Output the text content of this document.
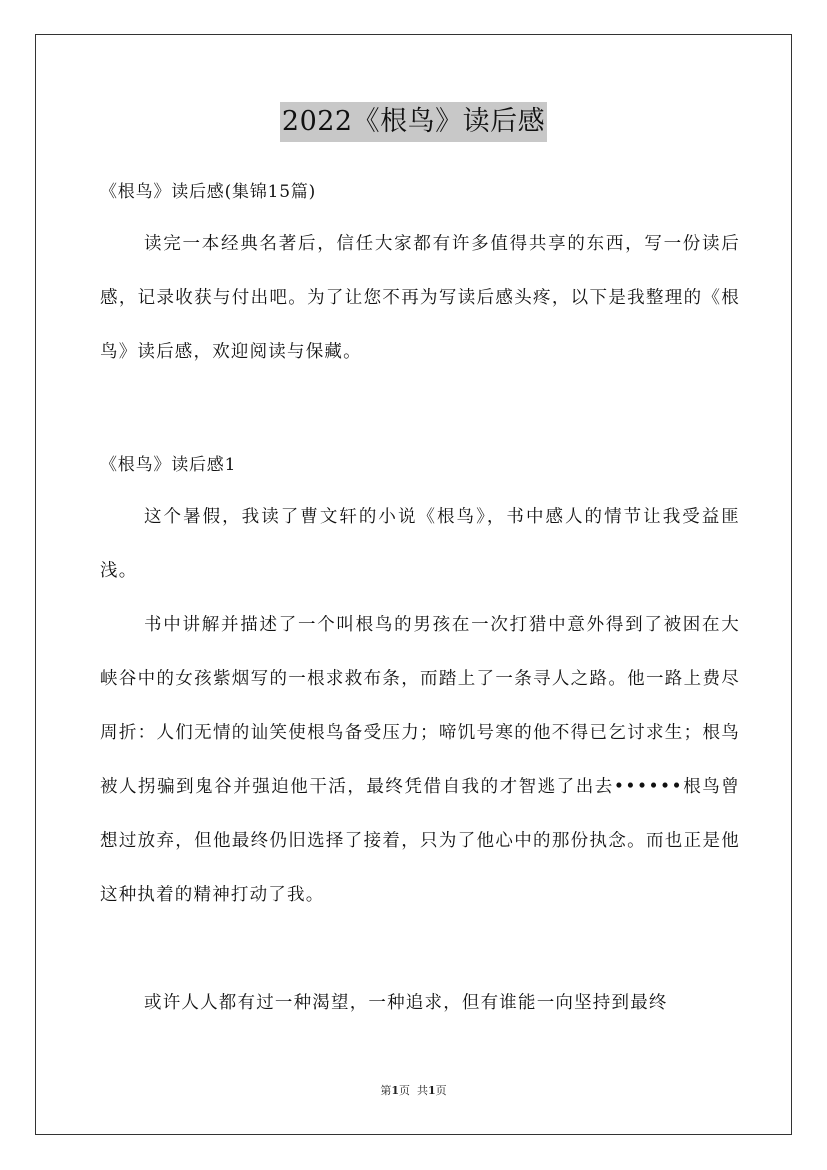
2022《根鸟》读后感

《根鸟》读后感(集锦15篇)

读完一本经典名著后，信任大家都有许多值得共享的东西，写一份读后感，记录收获与付出吧。为了让您不再为写读后感头疼，以下是我整理的《根鸟》读后感，欢迎阅读与保藏。

《根鸟》读后感1

这个暑假，我读了曹文轩的小说《根鸟》，书中感人的情节让我受益匪浅。

书中讲解并描述了一个叫根鸟的男孩在一次打猎中意外得到了被困在大峡谷中的女孩紫烟写的一根求救布条，而踏上了一条寻人之路。他一路上费尽周折：人们无情的讪笑使根鸟备受压力；啼饥号寒的他不得已乞讨求生；根鸟被人拐骗到鬼谷并强迫他干活，最终凭借自我的才智逃了出去••••••根鸟曾想过放弃，但他最终仍旧选择了接着，只为了他心中的那份执念。而也正是他这种执着的精神打动了我。

或许人人都有过一种渴望，一种追求，但有谁能一向坚持到最终

第1页 共1页
